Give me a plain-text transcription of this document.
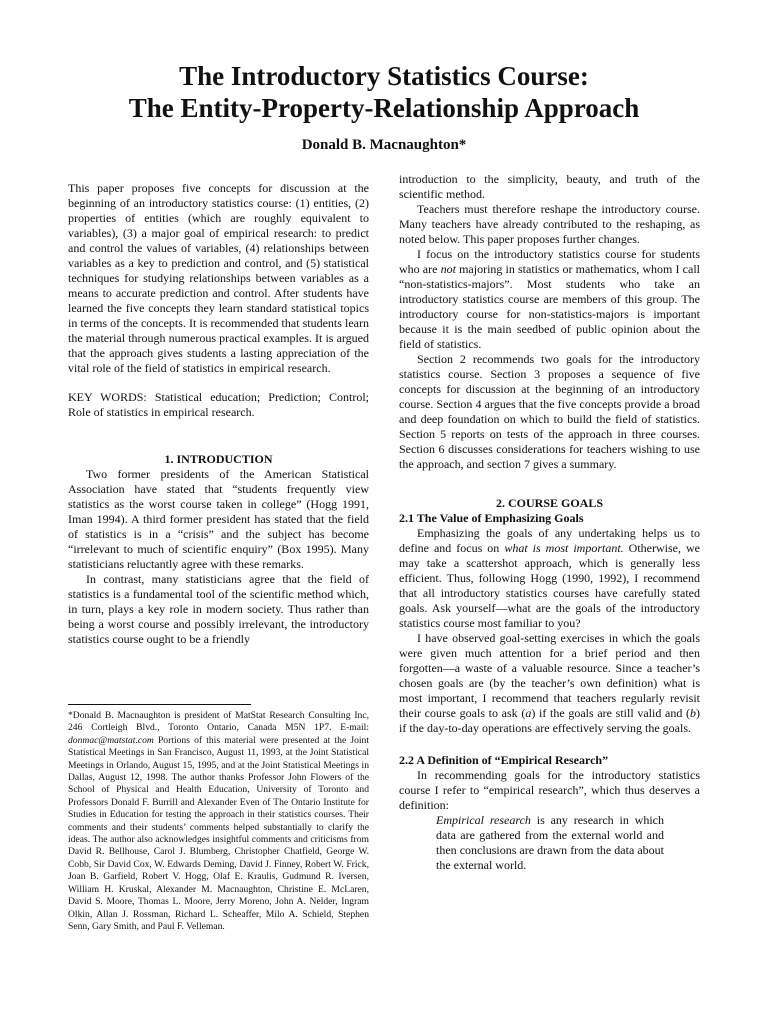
The Introductory Statistics Course:
The Entity-Property-Relationship Approach
Donald B. Macnaughton*

This paper proposes five concepts for discussion at the beginning of an introductory statistics course: (1) entities, (2) properties of entities (which are roughly equivalent to variables), (3) a major goal of empirical research: to predict and control the values of variables, (4) relationships between variables as a key to prediction and control, and (5) statistical techniques for studying relationships between variables as a means to accurate prediction and control. After students have learned the five concepts they learn standard statistical topics in terms of the concepts. It is recommended that students learn the material through numerous practical examples. It is argued that the approach gives students a lasting appreciation of the vital role of the field of statistics in empirical research.

KEY WORDS: Statistical education; Prediction; Control; Role of statistics in empirical research.

1. INTRODUCTION

Two former presidents of the American Statistical Association have stated that “students frequently view statistics as the worst course taken in college” (Hogg 1991, Iman 1994). A third former president has stated that the field of statistics is in a “crisis” and the subject has become “irrelevant to much of scientific enquiry” (Box 1995). Many statisticians reluctantly agree with these remarks.

In contrast, many statisticians agree that the field of statistics is a fundamental tool of the scientific method which, in turn, plays a key role in modern society. Thus rather than being a worst course and possibly irrelevant, the introductory statistics course ought to be a friendly

*Donald B. Macnaughton is president of MatStat Research Consulting Inc, 246 Cortleigh Blvd., Toronto Ontario, Canada M5N 1P7. E-mail: donmac@matstat.com Portions of this material were presented at the Joint Statistical Meetings in San Francisco, August 11, 1993, at the Joint Statistical Meetings in Orlando, August 15, 1995, and at the Joint Statistical Meetings in Dallas, August 12, 1998. The author thanks Professor John Flowers of the School of Physical and Health Education, University of Toronto and Professors Donald F. Burrill and Alexander Even of The Ontario Institute for Studies in Education for testing the approach in their statistics courses. Their comments and their students’ comments helped substantially to clarify the ideas. The author also acknowledges insightful comments and criticisms from David R. Bellhouse, Carol J. Blumberg, Christopher Chatfield, George W. Cobb, Sir David Cox, W. Edwards Deming, David J. Finney, Robert W. Frick, Joan B. Garfield, Robert V. Hogg, Olaf E. Kraulis, Gudmund R. Iversen, William H. Kruskal, Alexander M. Macnaughton, Christine E. McLaren, David S. Moore, Thomas L. Moore, Jerry Moreno, John A. Nelder, Ingram Olkin, Allan J. Rossman, Richard L. Scheaffer, Milo A. Schield, Stephen Senn, Gary Smith, and Paul F. Velleman.

introduction to the simplicity, beauty, and truth of the scientific method.

Teachers must therefore reshape the introductory course. Many teachers have already contributed to the reshaping, as noted below. This paper proposes further changes.

I focus on the introductory statistics course for students who are not majoring in statistics or mathematics, whom I call “non-statistics-majors”. Most students who take an introductory statistics course are members of this group. The introductory course for non-statistics-majors is important because it is the main seedbed of public opinion about the field of statistics.

Section 2 recommends two goals for the introductory statistics course. Section 3 proposes a sequence of five concepts for discussion at the beginning of an introductory course. Section 4 argues that the five concepts provide a broad and deep foundation on which to build the field of statistics. Section 5 reports on tests of the approach in three courses. Section 6 discusses considerations for teachers wishing to use the approach, and section 7 gives a summary.

2. COURSE GOALS

2.1 The Value of Emphasizing Goals

Emphasizing the goals of any undertaking helps us to define and focus on what is most important. Otherwise, we may take a scattershot approach, which is generally less efficient. Thus, following Hogg (1990, 1992), I recommend that all introductory statistics courses have carefully stated goals. Ask yourself—what are the goals of the introductory statistics course most familiar to you?

I have observed goal-setting exercises in which the goals were given much attention for a brief period and then forgotten—a waste of a valuable resource. Since a teacher’s chosen goals are (by the teacher’s own definition) what is most important, I recommend that teachers regularly revisit their course goals to ask (a) if the goals are still valid and (b) if the day-to-day operations are effectively serving the goals.

2.2 A Definition of “Empirical Research”

In recommending goals for the introductory statistics course I refer to “empirical research”, which thus deserves a definition:

Empirical research is any research in which data are gathered from the external world and then conclusions are drawn from the data about the external world.
